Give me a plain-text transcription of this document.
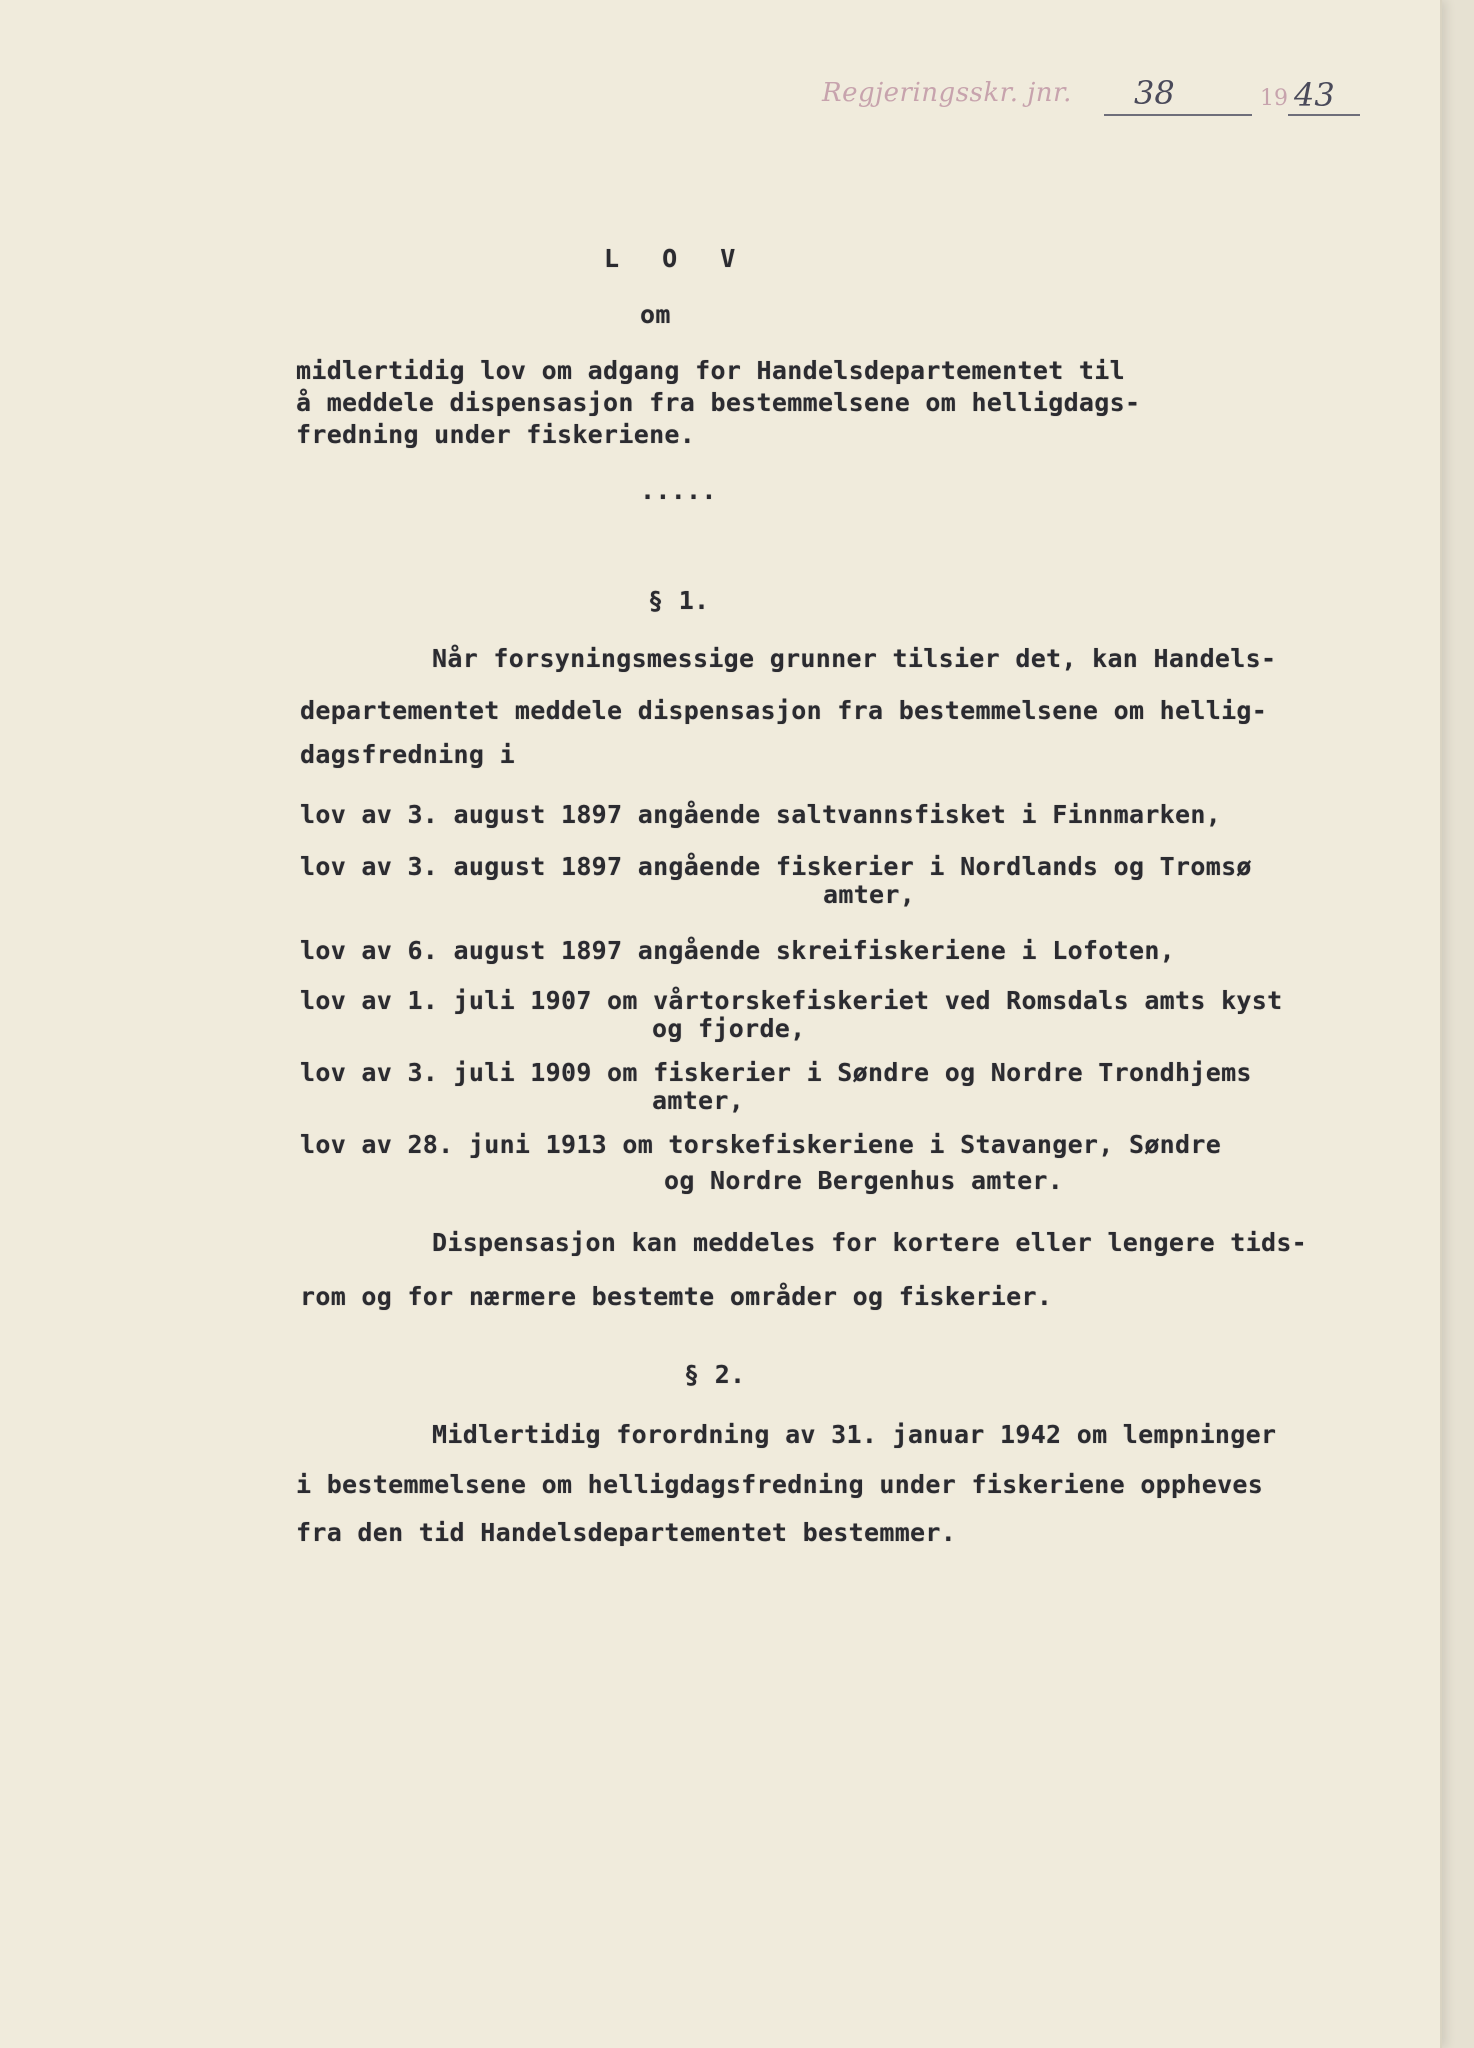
Regjeringsskr. jnr. 38	19 43
L O V
om
midlertidig lov om adgang for Handelsdepartementet til
å meddele dispensasjon fra bestemmelsene om helligdags-
fredning under fiskeriene.
.....
§ 1.
Når forsyningsmessige grunner tilsier det, kan Handels-
departementet meddele dispensasjon fra bestemmelsene om hellig-
dagsfredning i
lov av 3. august 1897 angående saltvannsfisket i Finnmarken,
lov av 3. august 1897 angående fiskerier i Nordlands og Tromsø
amter,
lov av 6. august 1897 angående skreifiskeriene i Lofoten,
lov av 1. juli 1907 om vårtorskefiskeriet ved Romsdals amts kyst
og fjorde,
lov av 3. juli 1909 om fiskerier i Søndre og Nordre Trondhjems
amter,
lov av 28. juni 1913 om torskefiskeriene i Stavanger, Søndre
og Nordre Bergenhus amter.
Dispensasjon kan meddeles for kortere eller lengere tids-
rom og for nærmere bestemte områder og fiskerier.
§ 2.
Midlertidig forordning av 31. januar 1942 om lempninger
i bestemmelsene om helligdagsfredning under fiskeriene oppheves
fra den tid Handelsdepartementet bestemmer.
